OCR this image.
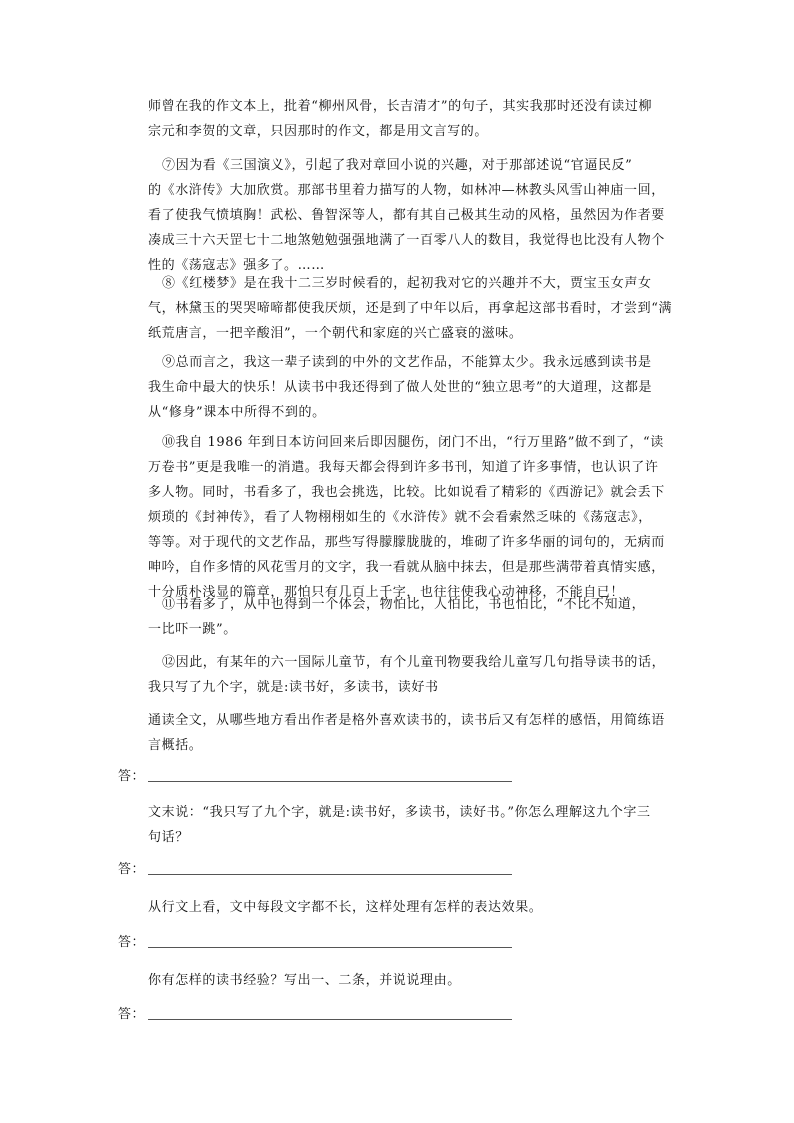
师曾在我的作文本上，批着“柳州风骨，长吉清才”的句子，其实我那时还没有读过柳
宗元和李贺的文章，只因那时的作文，都是用文言写的。
⑦因为看《三国演义》，引起了我对章回小说的兴趣，对于那部述说“官逼民反”
的《水浒传》大加欣赏。那部书里着力描写的人物，如林冲—林教头风雪山神庙一回，
看了使我气愤填胸！武松、鲁智深等人，都有其自己极其生动的风格，虽然因为作者要
凑成三十六天罡七十二地煞勉勉强强地满了一百零八人的数目，我觉得也比没有人物个
性的《荡寇志》强多了。……
⑧《红楼梦》是在我十二三岁时候看的，起初我对它的兴趣并不大，贾宝玉女声女
气，林黛玉的哭哭啼啼都使我厌烦，还是到了中年以后，再拿起这部书看时，才尝到“满
纸荒唐言，一把辛酸泪”，一个朝代和家庭的兴亡盛衰的滋味。
⑨总而言之，我这一辈子读到的中外的文艺作品，不能算太少。我永远感到读书是
我生命中最大的快乐！从读书中我还得到了做人处世的“独立思考”的大道理，这都是
从“修身”课本中所得不到的。
⑩我自 1986 年到日本访问回来后即因腿伤，闭门不出，“行万里路”做不到了，“读
万卷书”更是我唯一的消遣。我每天都会得到许多书刊，知道了许多事情，也认识了许
多人物。同时，书看多了，我也会挑选，比较。比如说看了精彩的《西游记》就会丢下
烦琐的《封神传》，看了人物栩栩如生的《水浒传》就不会看索然乏味的《荡寇志》，
等等。对于现代的文艺作品，那些写得朦朦胧胧的，堆砌了许多华丽的词句的，无病而
呻吟，自作多情的风花雪月的文字，我一看就从脑中抹去，但是那些满带着真情实感，
十分质朴浅显的篇章，那怕只有几百上千字，也往往使我心动神移，不能自已！
⑪书看多了，从中也得到一个体会，物怕比，人怕比，书也怕比，“不比不知道，
一比吓一跳”。
⑫因此，有某年的六一国际儿童节，有个儿童刊物要我给儿童写几句指导读书的话，
我只写了九个字，就是:读书好，多读书，读好书
通读全文，从哪些地方看出作者是格外喜欢读书的，读书后又有怎样的感悟，用简练语
言概括。
答：
文末说：“我只写了九个字，就是:读书好，多读书，读好书。”你怎么理解这九个字三
句话？
答：
从行文上看，文中每段文字都不长，这样处理有怎样的表达效果。
答：
你有怎样的读书经验？写出一、二条，并说说理由。
答：
